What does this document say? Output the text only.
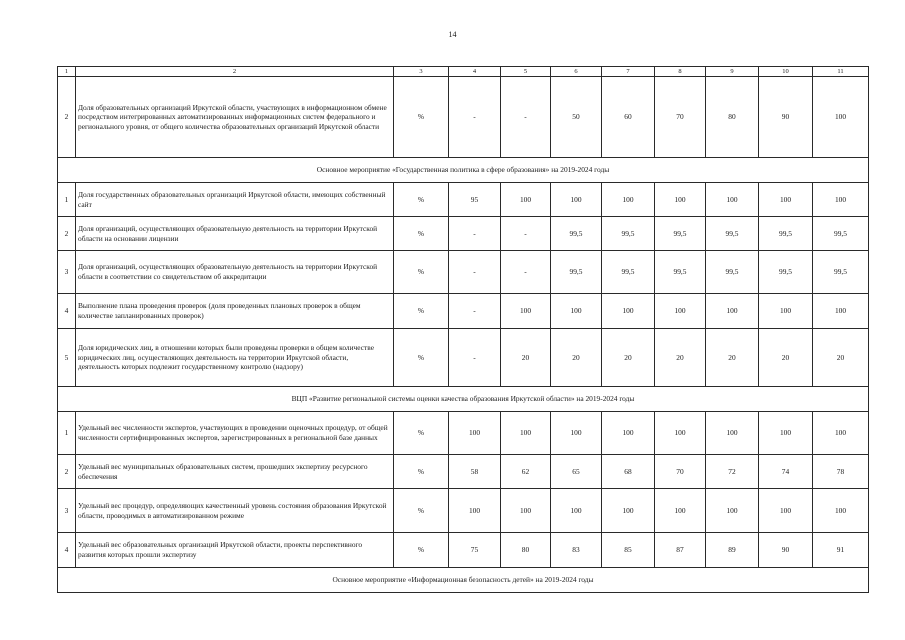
14
1	2	3	4	5	6	7	8	9	10	11
2	Доля образовательных организаций Иркутской области, участвующих в информационном обмене посредством интегрированных автоматизированных информационных систем федерального и регионального уровня, от общего количества образовательных организаций Иркутской области	%	-	-	50	60	70	80	90	100
Основное мероприятие «Государственная политика в сфере образования» на 2019-2024 годы										
1	Доля государственных образовательных организаций Иркутской области, имеющих собственный сайт	%	95	100	100	100	100	100	100	100
2	Доля организаций, осуществляющих образовательную деятельность на территории Иркутской области на основании лицензии	%	-	-	99,5	99,5	99,5	99,5	99,5	99,5
3	Доля организаций, осуществляющих образовательную деятельность на территории Иркутской области в соответствии со свидетельством об аккредитации	%	-	-	99,5	99,5	99,5	99,5	99,5	99,5
4	Выполнение плана проведения проверок (доля проведенных плановых проверок в общем количестве запланированных проверок)	%	-	100	100	100	100	100	100	100
5	Доля юридических лиц, в отношении которых были проведены проверки в общем количестве юридических лиц, осуществляющих деятельность на территории Иркутской области, деятельность которых подлежит государственному контролю (надзору)	%	-	20	20	20	20	20	20	20
ВЦП «Развитие региональной системы оценки качества образования Иркутской области» на 2019-2024 годы										
1	Удельный вес численности экспертов, участвующих в проведении оценочных процедур, от общей численности сертифицированных экспертов, зарегистрированных в региональной базе данных	%	100	100	100	100	100	100	100	100
2	Удельный вес муниципальных образовательных систем, прошедших экспертизу ресурсного обеспечения	%	58	62	65	68	70	72	74	78
3	Удельный вес процедур, определяющих качественный уровень состояния образования Иркутской области, проводимых в автоматизированном режиме	%	100	100	100	100	100	100	100	100
4	Удельный вес образовательных организаций Иркутской области, проекты перспективного развития которых прошли экспертизу	%	75	80	83	85	87	89	90	91
Основное мероприятие «Информационная безопасность детей» на 2019-2024 годы										
